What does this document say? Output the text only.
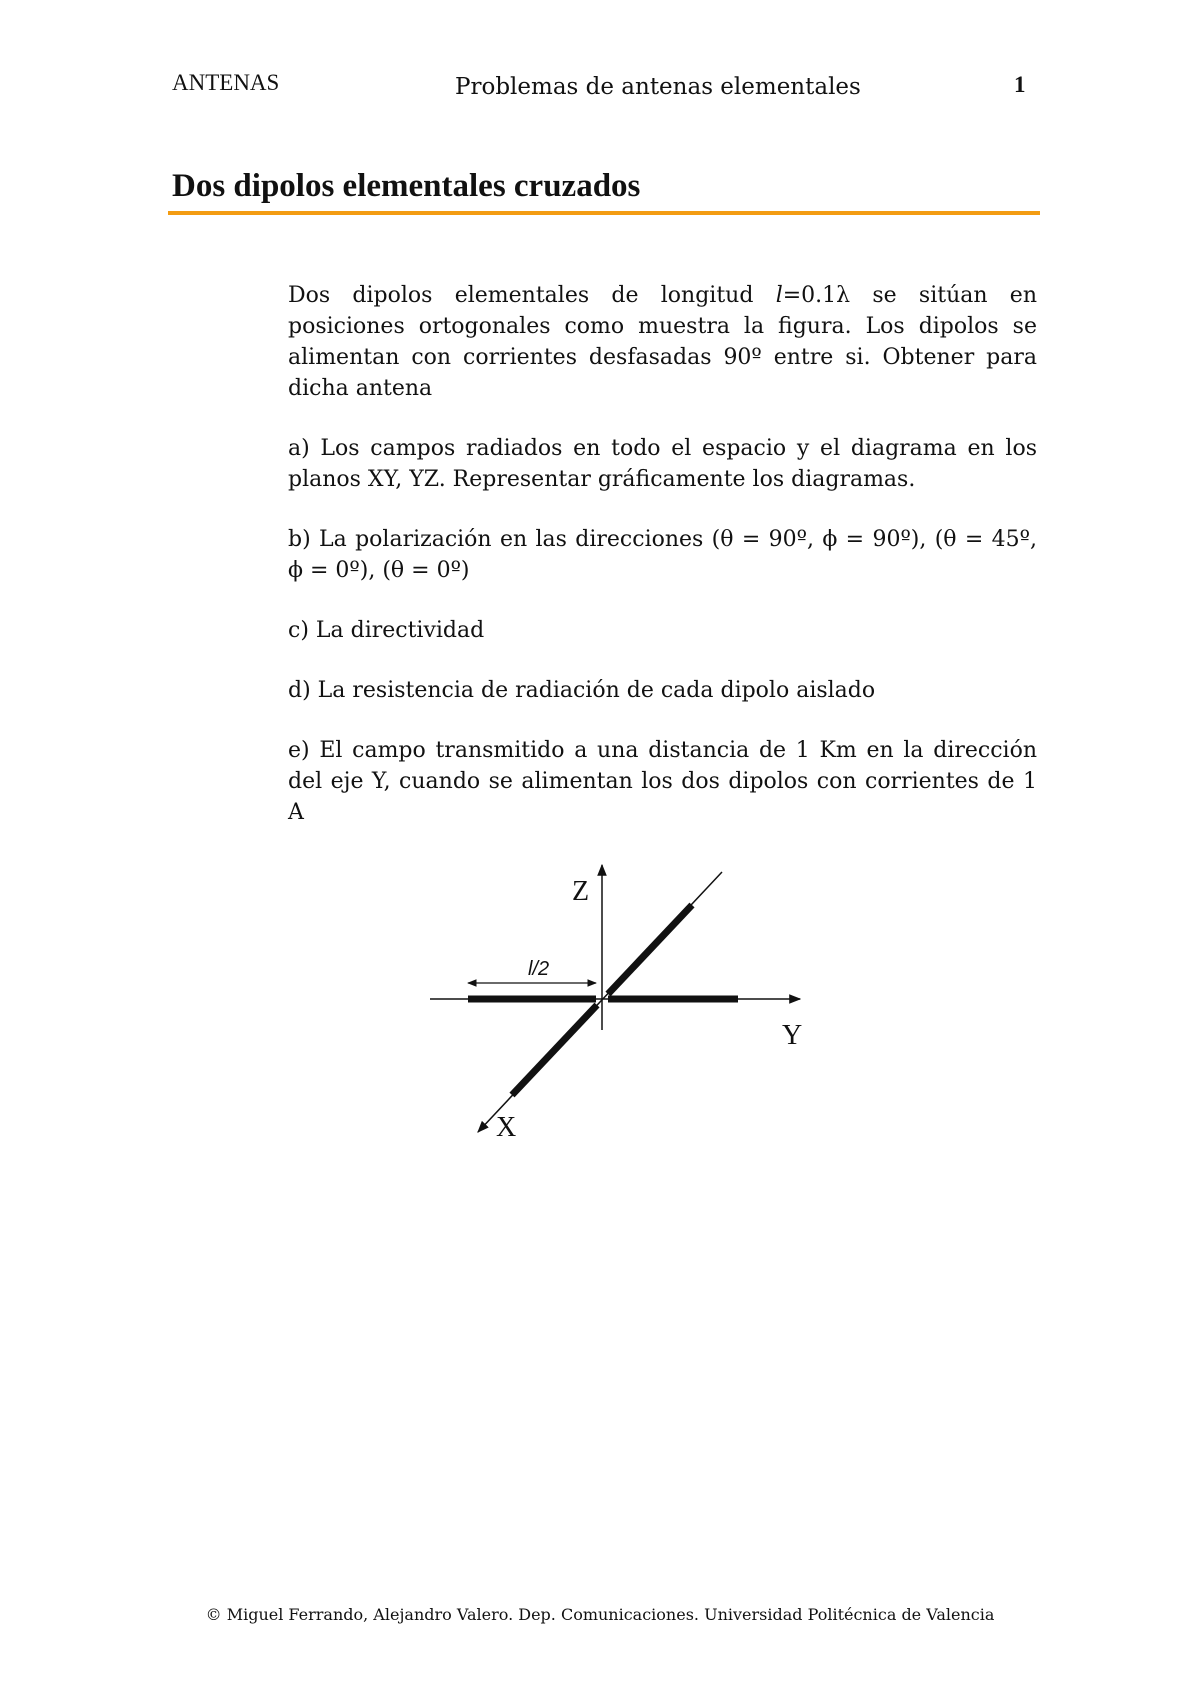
ANTENAS	Problemas de antenas elementales	1
Dos dipolos elementales cruzados

Dos dipolos elementales de longitud l=0.1λ se sitúan en posiciones ortogonales como muestra la figura. Los dipolos se alimentan con corrientes desfasadas 90º entre si. Obtener para dicha antena

a) Los campos radiados en todo el espacio y el diagrama en los planos XY, YZ. Representar gráficamente los diagramas.

b) La polarización en las direcciones (θ = 90º, ϕ = 90º), (θ = 45º, ϕ = 0º), (θ = 0º)

c) La directividad

d) La resistencia de radiación de cada dipolo aislado

e) El campo transmitido a una distancia de 1 Km en la dirección del eje Y, cuando se alimentan los dos dipolos con corrientes de 1 A

l/2
Z
Y
X
© Miguel Ferrando, Alejandro Valero. Dep. Comunicaciones. Universidad Politécnica de Valencia
